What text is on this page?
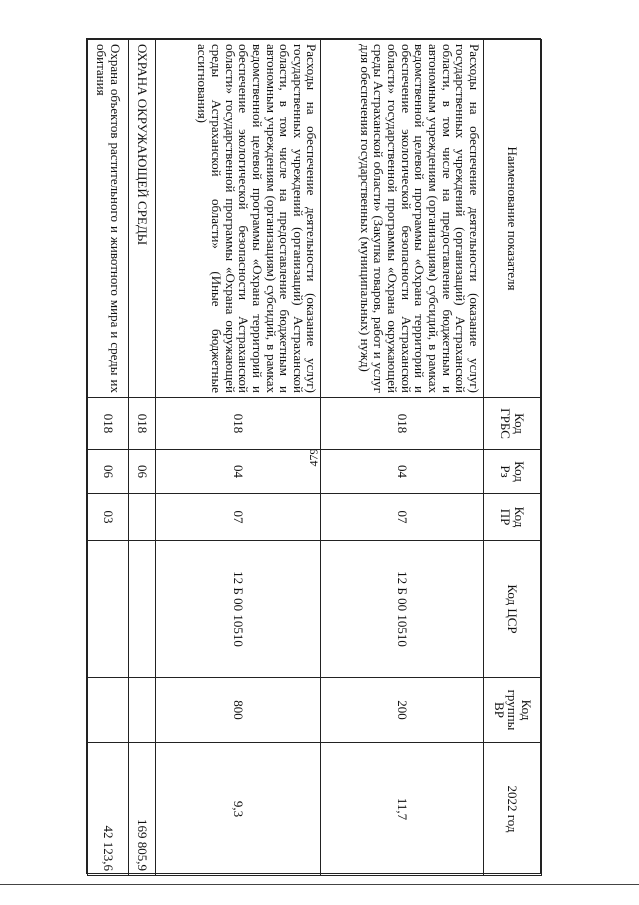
479
Наименование показателя	Код ГРБС	Код Рз	Код ПР	Код ЦСР	Код группы ВР	2022 год
Расходы на обеспечение деятельности (оказание услуг) государственных учреждений (организаций) Астраханской области, в том числе на предоставление бюджетным и автономным учреждениям (организациям) субсидий, в рамках ведомственной целевой программы «Охрана территорий и обеспечение экологической безопасности Астраханской области» государственной программы «Охрана окружающей среды Астраханской области» (Закупка товаров, работ и услуг для обеспечения государственных (муниципальных) нужд)	018	04	07	12 Б 00 10510	200	11,7
Расходы на обеспечение деятельности (оказание услуг) государственных учреждений (организаций) Астраханской области, в том числе на предоставление бюджетным и автономным учреждениям (организациям) субсидий, в рамках ведомственной целевой программы «Охрана территорий и обеспечение экологической безопасности Астраханской области» государственной программы «Охрана окружающей среды Астраханской области» (Иные бюджетные ассигнования)	018	04	07	12 Б 00 10510	800	9,3
ОХРАНА ОКРУЖАЮЩЕЙ СРЕДЫ	018	06				169 805,9
Охрана объектов растительного и животного мира и среды их обитания	018	06	03			42 123,6
